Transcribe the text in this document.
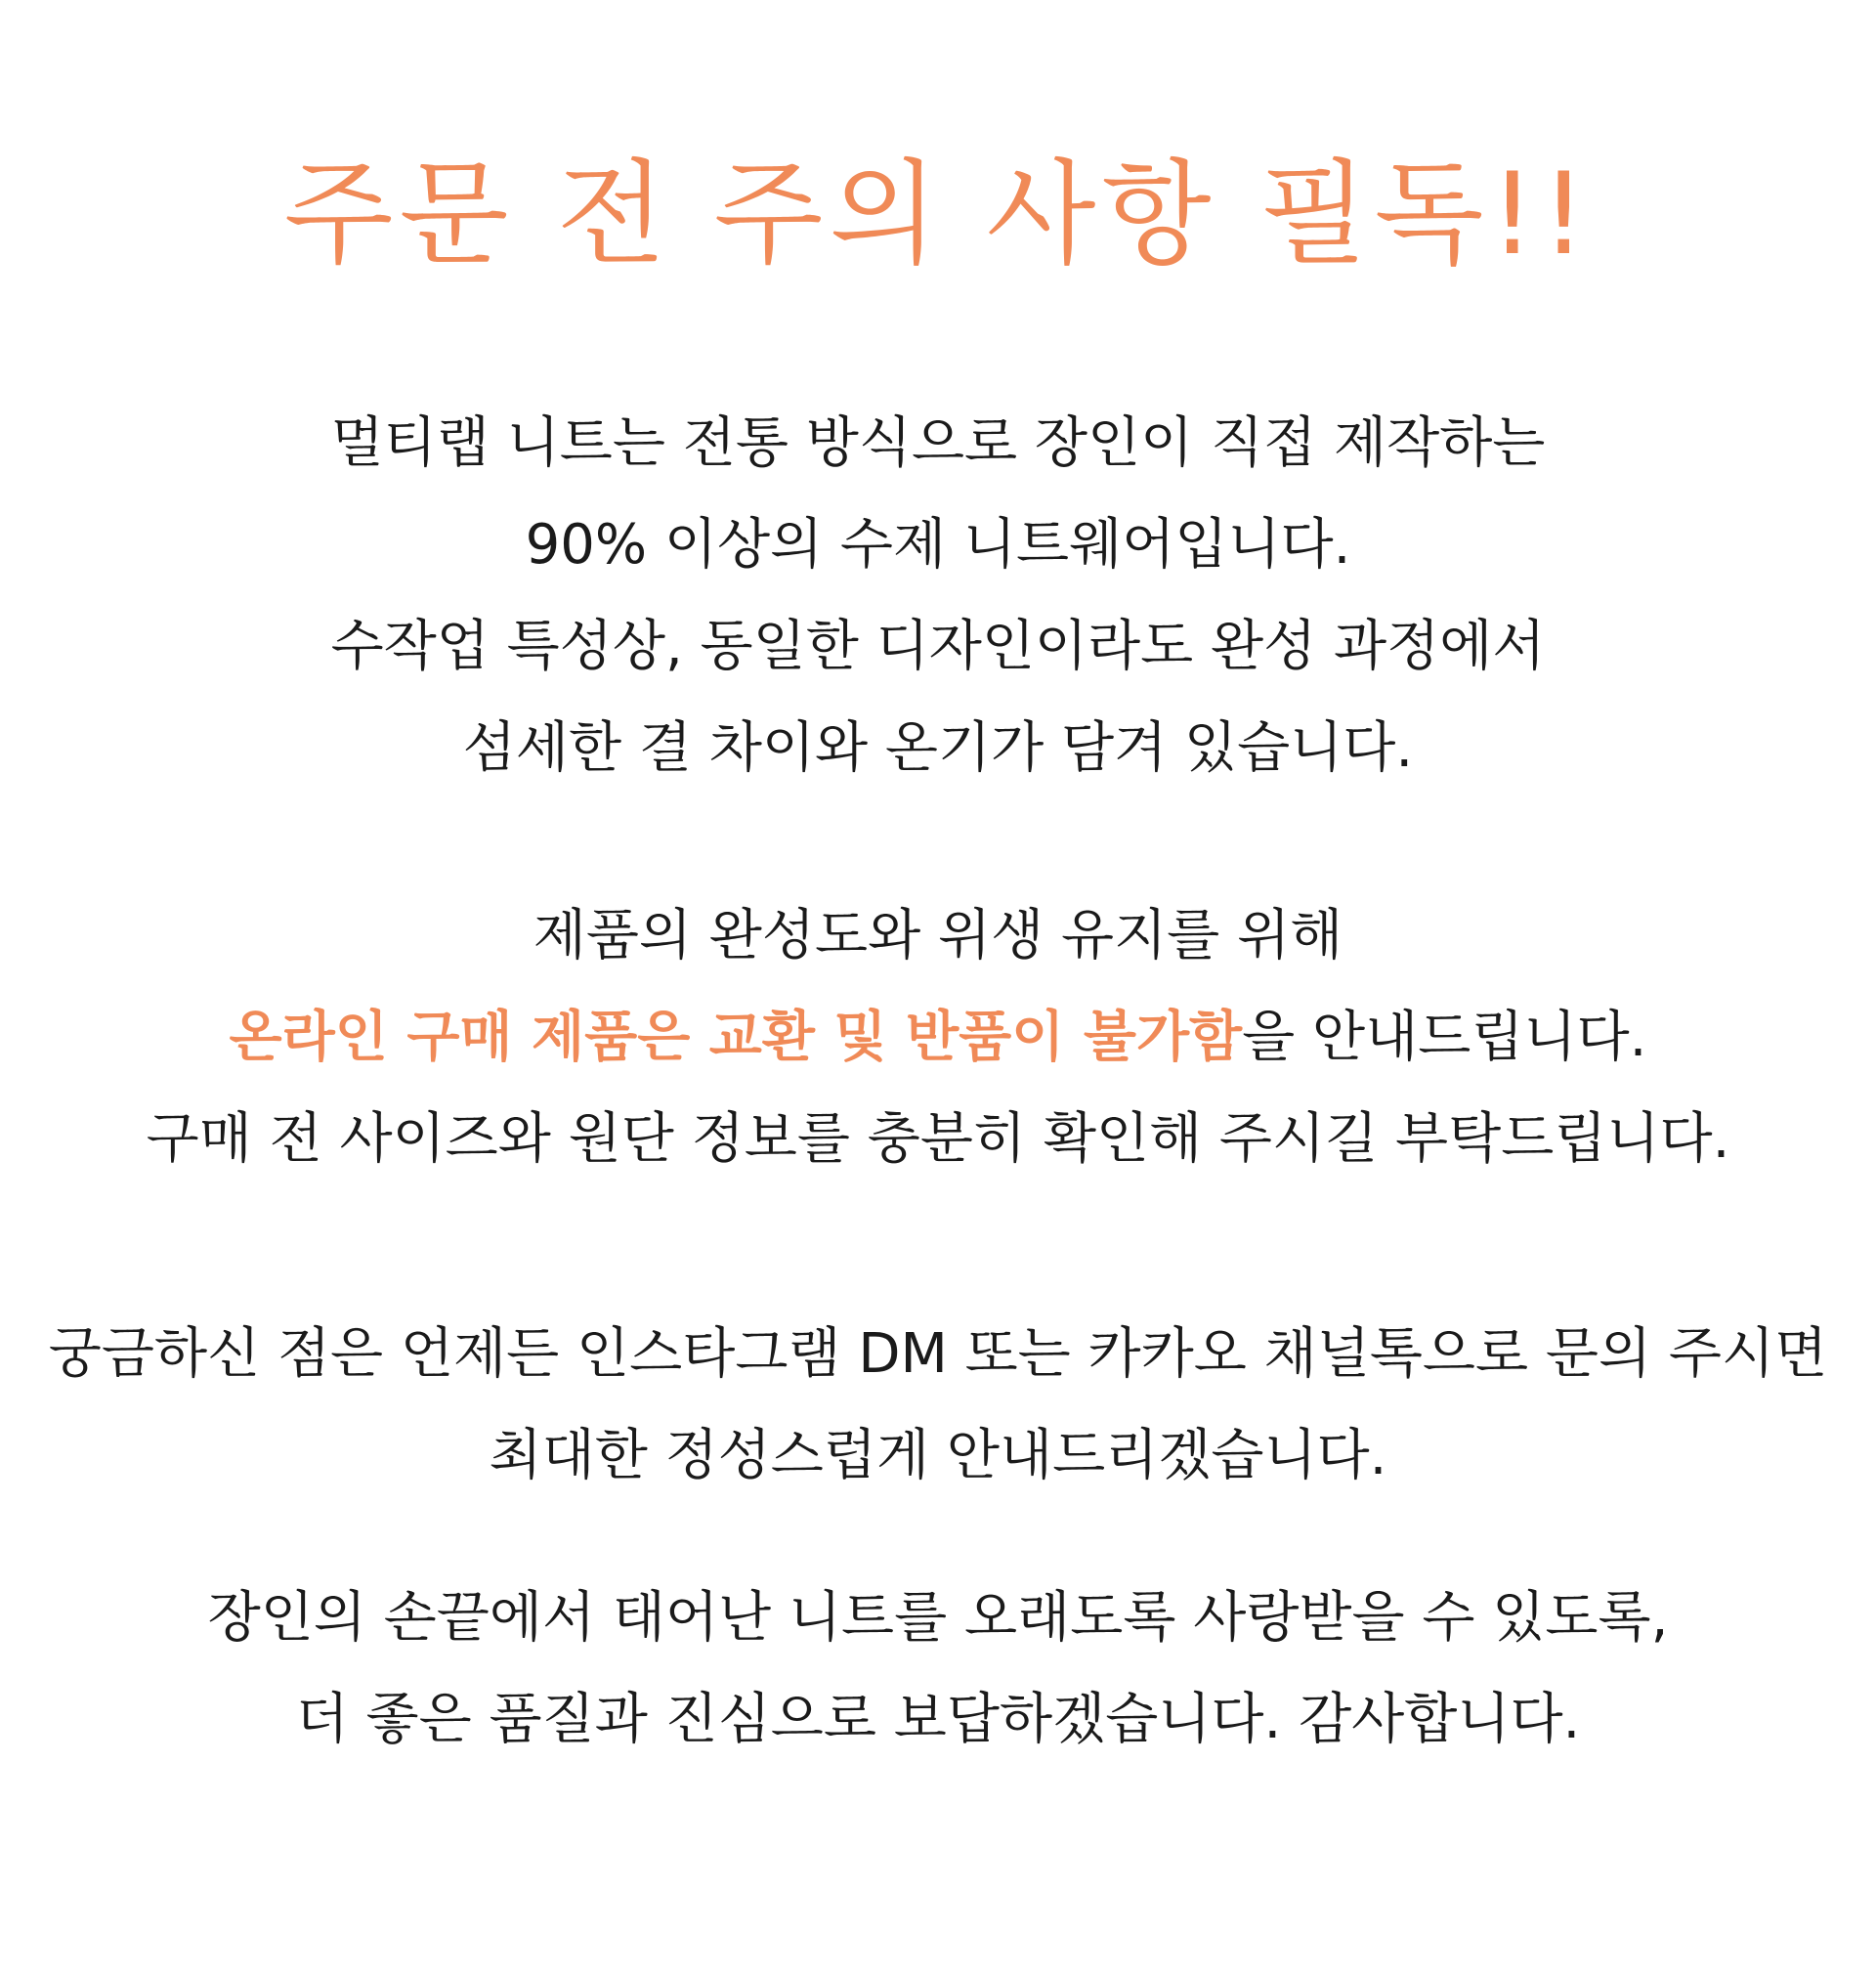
주문 전 주의 사항 필독!!

멀티랩 니트는 전통 방식으로 장인이 직접 제작하는
90% 이상의 수제 니트웨어입니다.
수작업 특성상, 동일한 디자인이라도 완성 과정에서
섬세한 결 차이와 온기가 담겨 있습니다.

제품의 완성도와 위생 유지를 위해
온라인 구매 제품은 교환 및 반품이 불가함을 안내드립니다.
구매 전 사이즈와 원단 정보를 충분히 확인해 주시길 부탁드립니다.

궁금하신 점은 언제든 인스타그램 DM 또는 카카오 채널톡으로 문의 주시면
최대한 정성스럽게 안내드리겠습니다.

장인의 손끝에서 태어난 니트를 오래도록 사랑받을 수 있도록,
더 좋은 품질과 진심으로 보답하겠습니다. 감사합니다.
